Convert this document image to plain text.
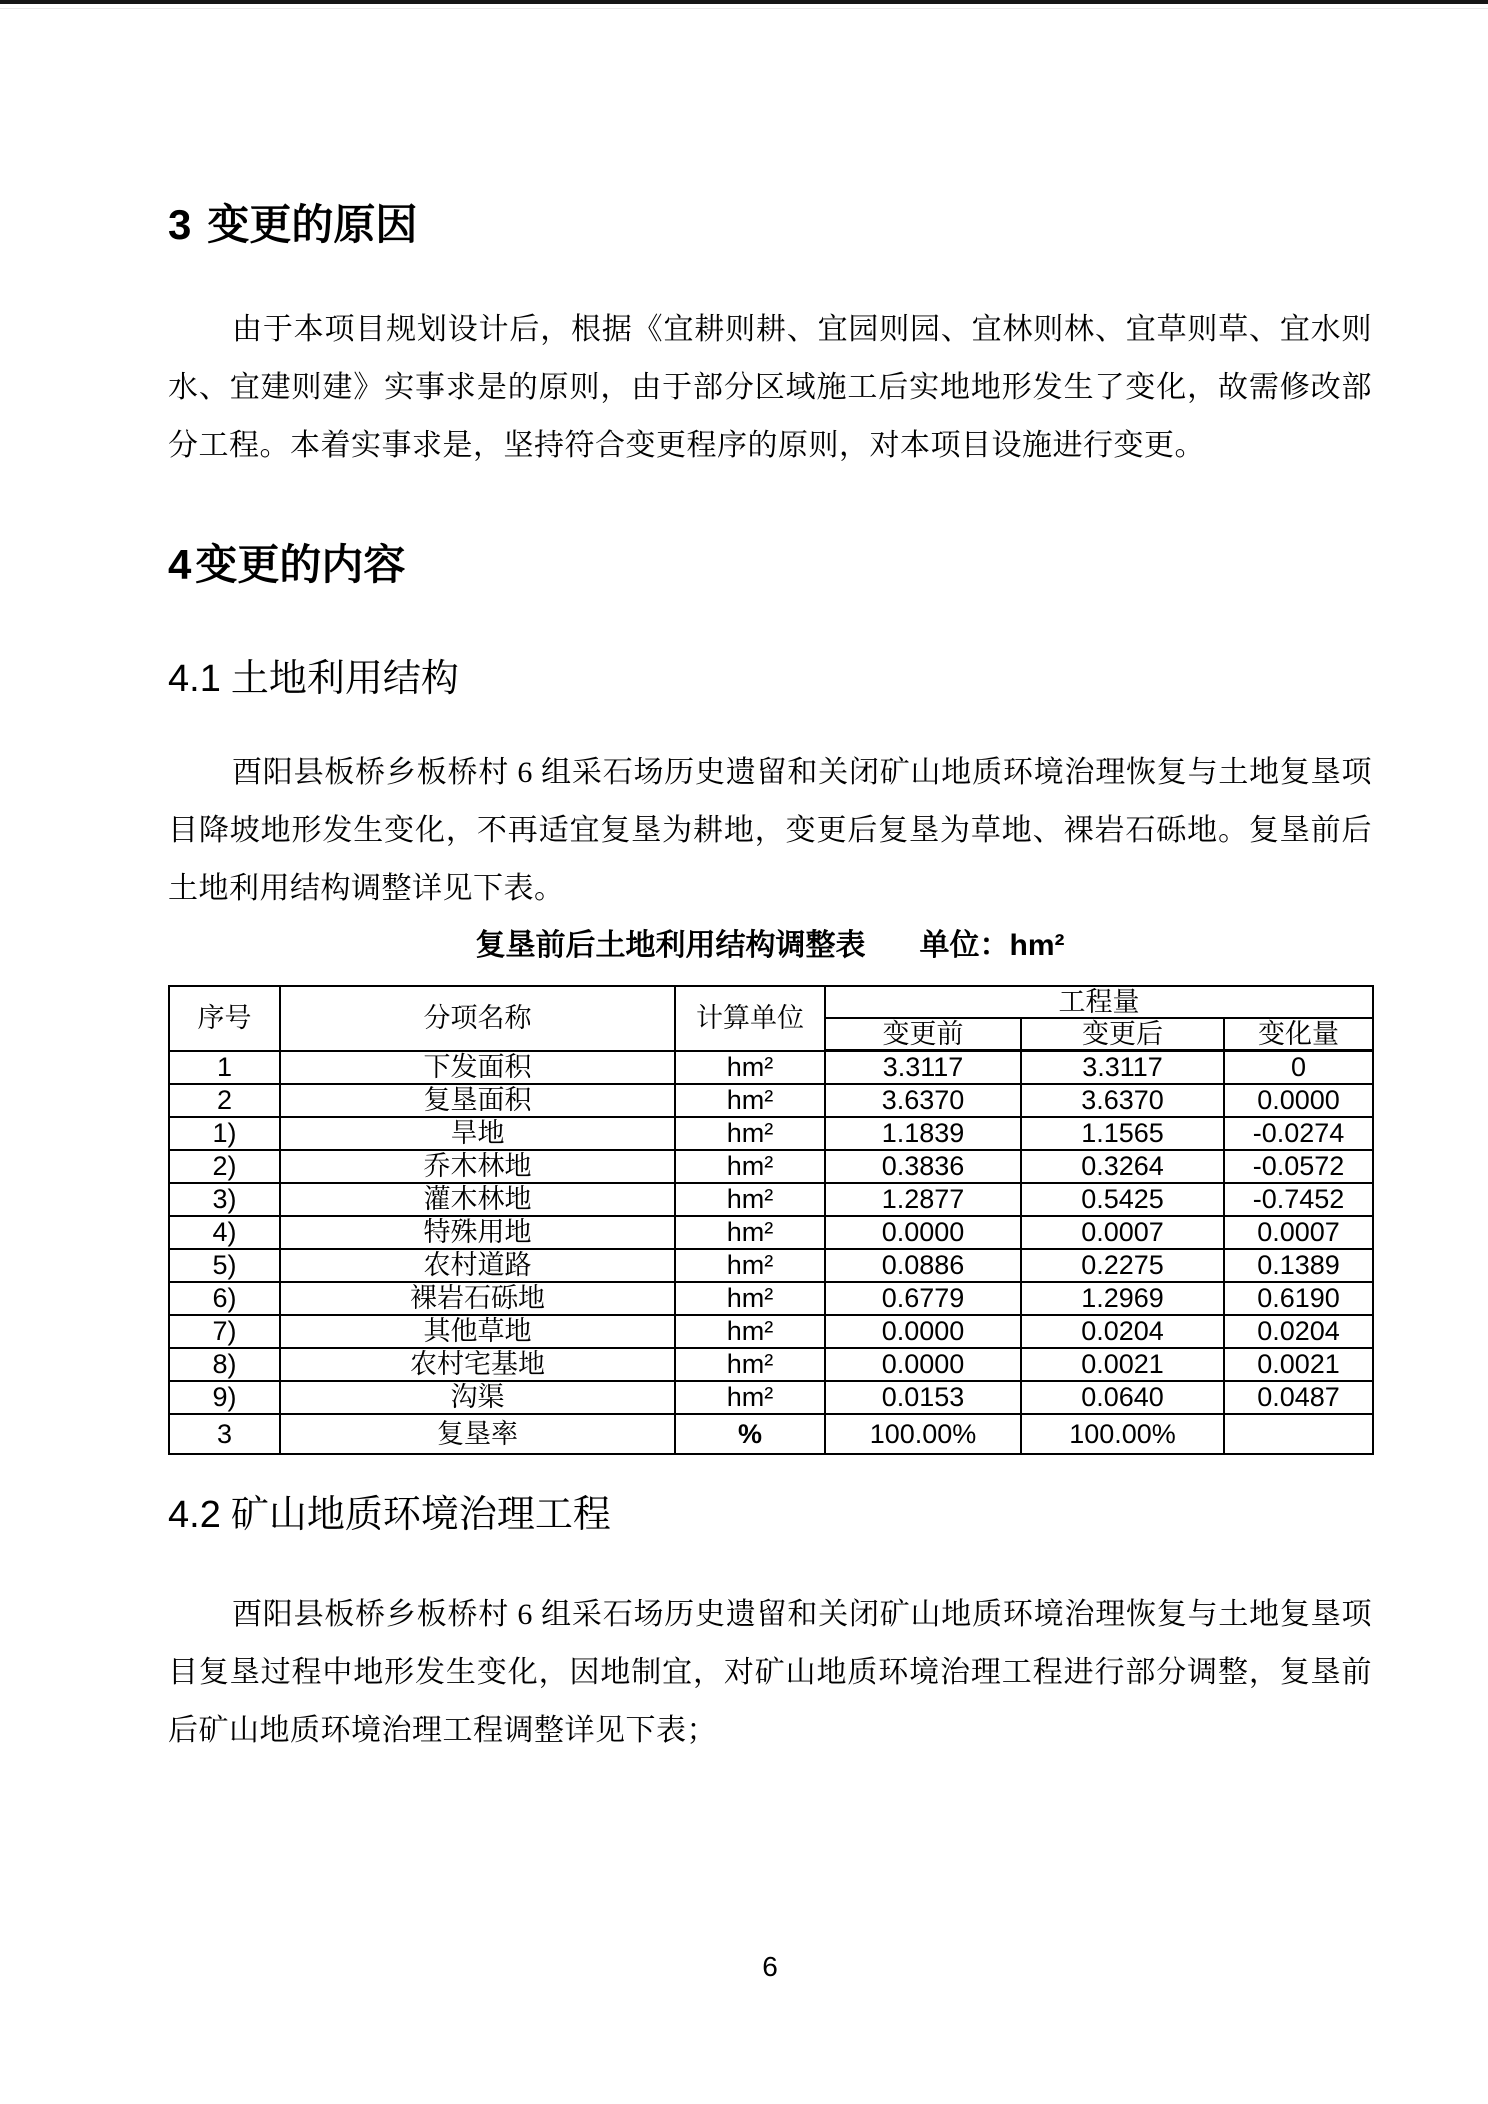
3 变更的原因

由于本项目规划设计后，根据《宜耕则耕、宜园则园、宜林则林、宜草则草、宜水则水、宜建则建》实事求是的原则，由于部分区域施工后实地地形发生了变化，故需修改部分工程。本着实事求是，坚持符合变更程序的原则，对本项目设施进行变更。

4变更的内容
4.1 土地利用结构

酉阳县板桥乡板桥村 6 组采石场历史遗留和关闭矿山地质环境治理恢复与土地复垦项目降坡地形发生变化，不再适宜复垦为耕地，变更后复垦为草地、裸岩石砾地。复垦前后土地利用结构调整详见下表。

复垦前后土地利用结构调整表 单位：hm²
序号	分项名称	计算单位	工程量		
			变更前	变更后	变化量
1	下发面积	hm²	3.3117	3.3117	0
2	复垦面积	hm²	3.6370	3.6370	0.0000
1)	旱地	hm²	1.1839	1.1565	-0.0274
2)	乔木林地	hm²	0.3836	0.3264	-0.0572
3)	灌木林地	hm²	1.2877	0.5425	-0.7452
4)	特殊用地	hm²	0.0000	0.0007	0.0007
5)	农村道路	hm²	0.0886	0.2275	0.1389
6)	裸岩石砾地	hm²	0.6779	1.2969	0.6190
7)	其他草地	hm²	0.0000	0.0204	0.0204
8)	农村宅基地	hm²	0.0000	0.0021	0.0021
9)	沟渠	hm²	0.0153	0.0640	0.0487
3	复垦率	%	100.00%	100.00%	
4.2 矿山地质环境治理工程

酉阳县板桥乡板桥村 6 组采石场历史遗留和关闭矿山地质环境治理恢复与土地复垦项目复垦过程中地形发生变化，因地制宜，对矿山地质环境治理工程进行部分调整，复垦前后矿山地质环境治理工程调整详见下表；

6
